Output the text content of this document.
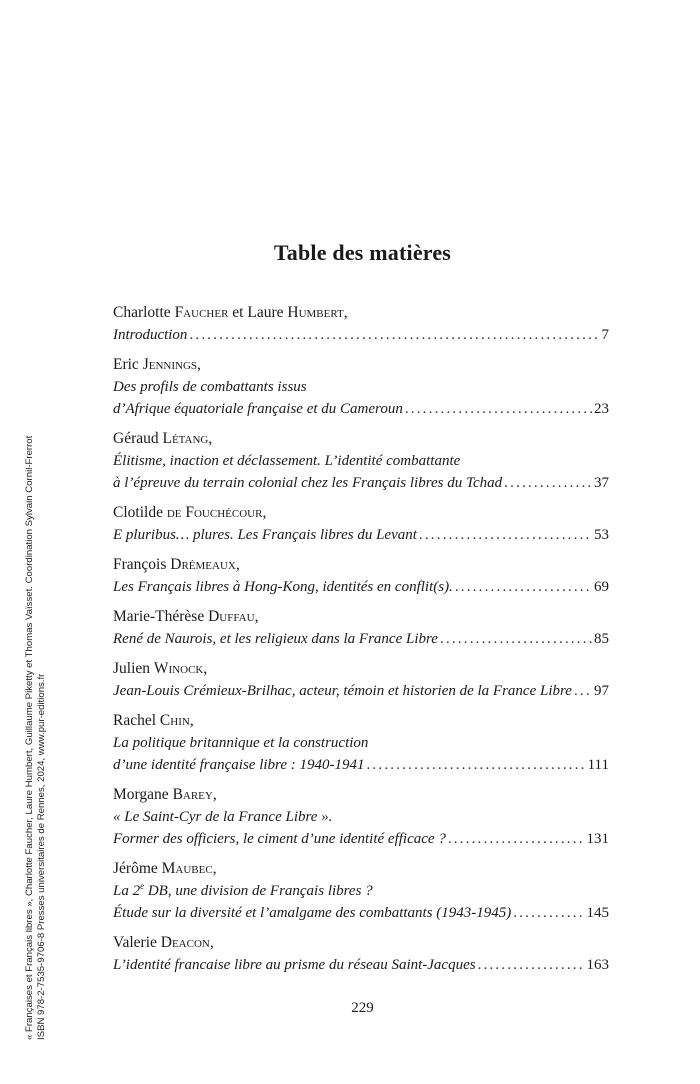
« Françaises et Français libres », Charlotte Faucher, Laure Humbert, Guillaume Piketty et Thomas Vaïsset. Coordination Sylvain Cornil-Frerrot ISBN 978-2-7535-9706-8 Presses universitaires de Rennes, 2024, www.pur-editions.fr
Table des matières
Charlotte Faucher et Laure Humbert,
Introduction .....	7
Eric Jennings,
Des profils de combattants issus
d’Afrique équatoriale française et du Cameroun .....	23
Géraud Létang,
Élitisme, inaction et déclassement. L’identité combattante
à l’épreuve du terrain colonial chez les Français libres du Tchad .....	37
Clotilde de Fouchécour,
E pluribus… plures. Les Français libres du Levant .....	53
François Drémeaux,
Les Français libres à Hong-Kong, identités en conflit(s). .....	69
Marie-Thérèse Duffau,
René de Naurois, et les religieux dans la France Libre .....	85
Julien Winock,
Jean-Louis Crémieux-Brilhac, acteur, témoin et historien de la France Libre ..... 97
Rachel Chin,
La politique britannique et la construction
d’une identité française libre : 1940-1941 .....	111
Morgane Barey,
« Le Saint-Cyr de la France Libre ».
Former des officiers, le ciment d’une identité efficace ? .....	131
Jérôme Maubec,
La 2e DB, une division de Français libres ?
Étude sur la diversité et l’amalgame des combattants (1943-1945) .....	145
Valerie Deacon,
L’identité francaise libre au prisme du réseau Saint-Jacques .....	163
229
